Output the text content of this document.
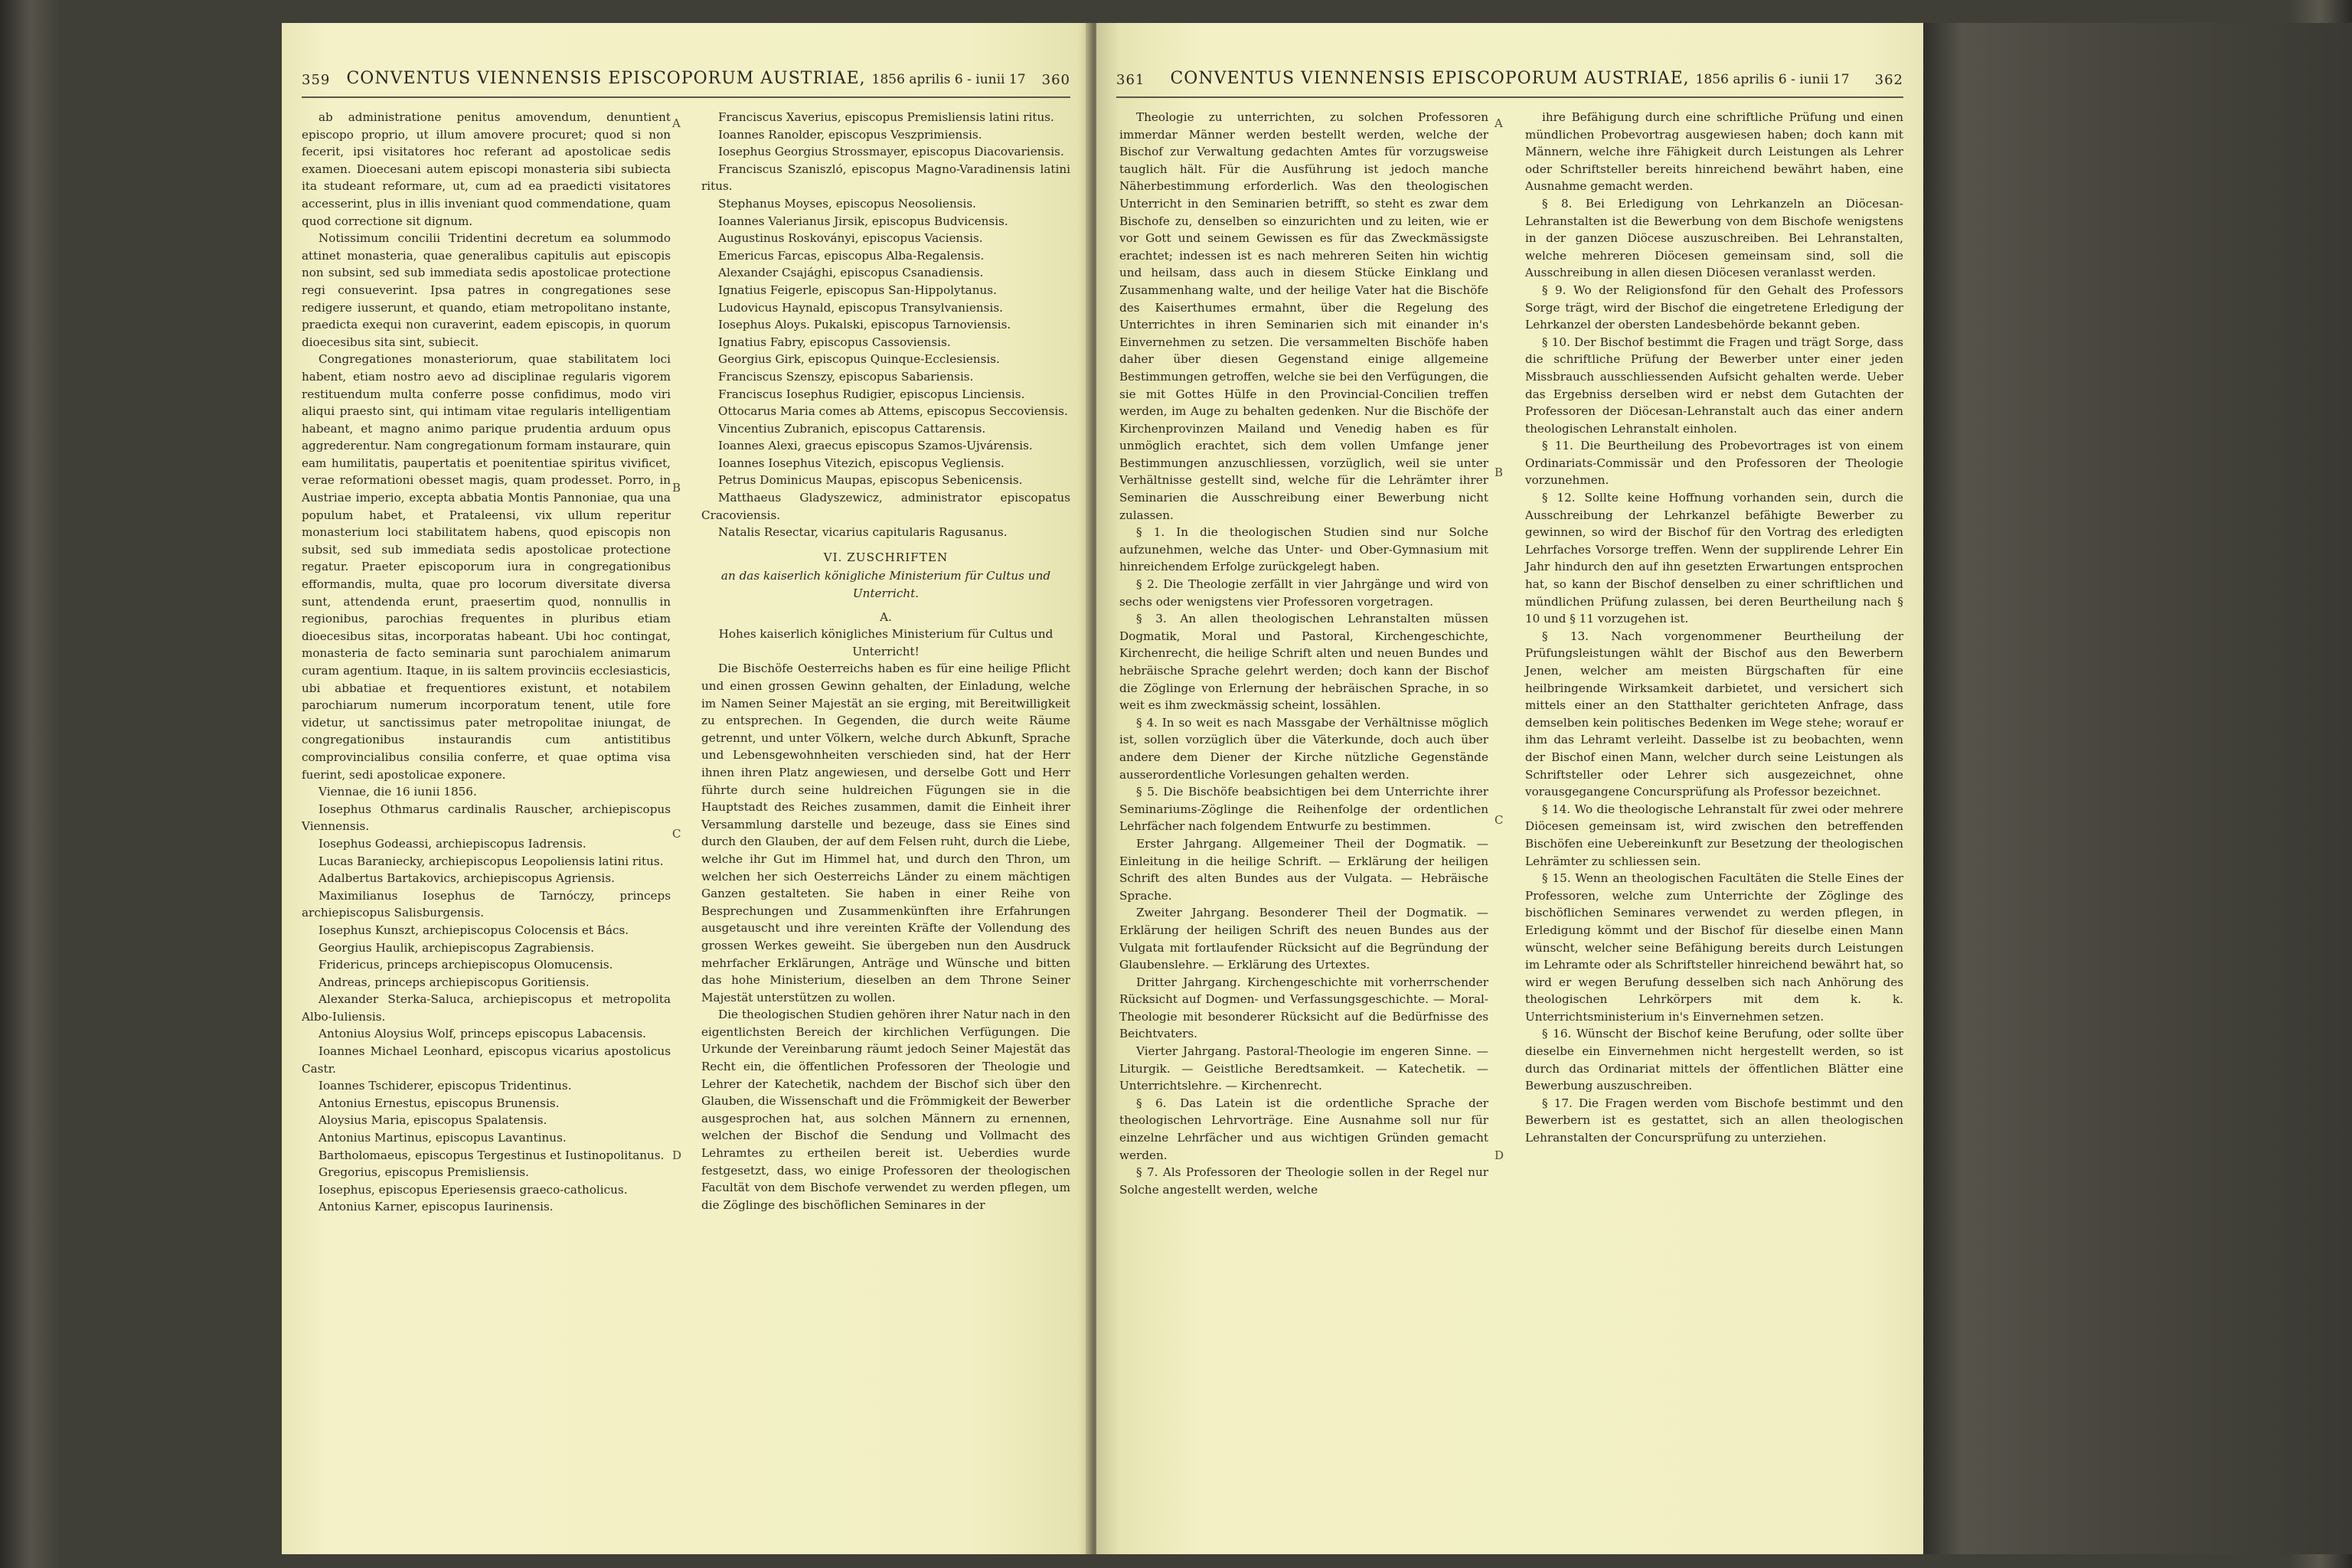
359 CONVENTUS VIENNENSIS EPISCOPORUM AUSTRIAE, 1856 aprilis 6 - iunii 17	360

ab administratione penitus amovendum, denuntient episcopo proprio, ut illum amovere procuret; quod si non fecerit, ipsi visitatores hoc referant ad apostolicae sedis examen. Dioecesani autem episcopi monasteria sibi subiecta ita studeant reformare, ut, cum ad ea praedicti visitatores accesserint, plus in illis inveniant quod commendatione, quam quod correctione sit dignum.

Notissimum concilii Tridentini decretum ea solummodo attinet monasteria, quae generalibus capitulis aut episcopis non subsint, sed sub immediata sedis apostolicae protectione regi consueverint. Ipsa patres in congregationes sese redigere iusserunt, et quando, etiam metropolitano instante, praedicta exequi non curaverint, eadem episcopis, in quorum dioecesibus sita sint, subiecit.

Congregationes monasteriorum, quae stabilitatem loci habent, etiam nostro aevo ad disciplinae regularis vigorem restituendum multa conferre posse confidimus, modo viri aliqui praesto sint, qui intimam vitae regularis intelligentiam habeant, et magno animo parique prudentia arduum opus aggrederentur. Nam congregationum formam instaurare, quin eam humilitatis, paupertatis et poenitentiae spiritus vivificet, verae reformationi obesset magis, quam prodesset. Porro, in Austriae imperio, excepta abbatia Montis Pannoniae, qua una populum habet, et Prataleensi, vix ullum reperitur monasterium loci stabilitatem habens, quod episcopis non subsit, sed sub immediata sedis apostolicae protectione regatur. Praeter episcoporum iura in congregationibus efformandis, multa, quae pro locorum diversitate diversa sunt, attendenda erunt, praesertim quod, nonnullis in regionibus, parochias frequentes in pluribus etiam dioecesibus sitas, incorporatas habeant. Ubi hoc contingat, monasteria de facto seminaria sunt parochialem animarum curam agentium. Itaque, in iis saltem provinciis ecclesiasticis, ubi abbatiae et frequentiores existunt, et notabilem parochiarum numerum incorporatum tenent, utile fore videtur, ut sanctissimus pater metropolitae iniungat, de congregationibus instaurandis cum antistitibus comprovincialibus consilia conferre, et quae optima visa fuerint, sedi apostolicae exponere.

Viennae, die 16 iunii 1856.

Iosephus Othmarus cardinalis Rauscher, archiepiscopus Viennensis.

Iosephus Godeassi, archiepiscopus Iadrensis.

Lucas Baraniecky, archiepiscopus Leopoliensis latini ritus.

Adalbertus Bartakovics, archiepiscopus Agriensis.

Maximilianus Iosephus de Tarnóczy, princeps archiepiscopus Salisburgensis.

Iosephus Kunszt, archiepiscopus Colocensis et Bács.

Georgius Haulik, archiepiscopus Zagrabiensis.

Fridericus, princeps archiepiscopus Olomucensis.

Andreas, princeps archiepiscopus Goritiensis.

Alexander Sterka-Saluca, archiepiscopus et metropolita Albo-Iuliensis.

Antonius Aloysius Wolf, princeps episcopus Labacensis.

Ioannes Michael Leonhard, episcopus vicarius apostolicus Castr.

Ioannes Tschiderer, episcopus Tridentinus.

Antonius Ernestus, episcopus Brunensis.

Aloysius Maria, episcopus Spalatensis.

Antonius Martinus, episcopus Lavantinus.

Bartholomaeus, episcopus Tergestinus et Iustinopolitanus.

Gregorius, episcopus Premisliensis.

Iosephus, episcopus Eperiesensis graeco-catholicus.

Antonius Karner, episcopus Iaurinensis.

A
B
C
D

Franciscus Xaverius, episcopus Premisliensis latini ritus.

Ioannes Ranolder, episcopus Veszprimiensis.

Iosephus Georgius Strossmayer, episcopus Diacovariensis.

Franciscus Szaniszló, episcopus Magno-Varadinensis latini ritus.

Stephanus Moyses, episcopus Neosoliensis.

Ioannes Valerianus Jirsik, episcopus Budvicensis.

Augustinus Roskoványi, episcopus Vaciensis.

Emericus Farcas, episcopus Alba-Regalensis.

Alexander Csajághi, episcopus Csanadiensis.

Ignatius Feigerle, episcopus San-Hippolytanus.

Ludovicus Haynald, episcopus Transylvaniensis.

Iosephus Aloys. Pukalski, episcopus Tarnoviensis.

Ignatius Fabry, episcopus Cassoviensis.

Georgius Girk, episcopus Quinque-Ecclesiensis.

Franciscus Szenszy, episcopus Sabariensis.

Franciscus Iosephus Rudigier, episcopus Linciensis.

Ottocarus Maria comes ab Attems, episcopus Seccoviensis.

Vincentius Zubranich, episcopus Cattarensis.

Ioannes Alexi, graecus episcopus Szamos-Ujvárensis.

Ioannes Iosephus Vitezich, episcopus Vegliensis.

Petrus Dominicus Maupas, episcopus Sebenicensis.

Matthaeus Gladyszewicz, administrator episcopatus Cracoviensis.

Natalis Resectar, vicarius capitularis Ragusanus.

VI. ZUSCHRIFTEN

an das kaiserlich königliche Ministerium für Cultus und Unterricht.

A.

Hohes kaiserlich königliches Ministerium für Cultus und Unterricht!

Die Bischöfe Oesterreichs haben es für eine heilige Pflicht und einen grossen Gewinn gehalten, der Einladung, welche im Namen Seiner Majestät an sie erging, mit Bereitwilligkeit zu entsprechen. In Gegenden, die durch weite Räume getrennt, und unter Völkern, welche durch Abkunft, Sprache und Lebensgewohnheiten verschieden sind, hat der Herr ihnen ihren Platz angewiesen, und derselbe Gott und Herr führte durch seine huldreichen Fügungen sie in die Hauptstadt des Reiches zusammen, damit die Einheit ihrer Versammlung darstelle und bezeuge, dass sie Eines sind durch den Glauben, der auf dem Felsen ruht, durch die Liebe, welche ihr Gut im Himmel hat, und durch den Thron, um welchen her sich Oesterreichs Länder zu einem mächtigen Ganzen gestalteten. Sie haben in einer Reihe von Besprechungen und Zusammenkünften ihre Erfahrungen ausgetauscht und ihre vereinten Kräfte der Vollendung des grossen Werkes geweiht. Sie übergeben nun den Ausdruck mehrfacher Erklärungen, Anträge und Wünsche und bitten das hohe Ministerium, dieselben an dem Throne Seiner Majestät unterstützen zu wollen.

Die theologischen Studien gehören ihrer Natur nach in den eigentlichsten Bereich der kirchlichen Verfügungen. Die Urkunde der Vereinbarung räumt jedoch Seiner Majestät das Recht ein, die öffentlichen Professoren der Theologie und Lehrer der Katechetik, nachdem der Bischof sich über den Glauben, die Wissenschaft und die Frömmigkeit der Bewerber ausgesprochen hat, aus solchen Männern zu ernennen, welchen der Bischof die Sendung und Vollmacht des Lehramtes zu ertheilen bereit ist. Ueberdies wurde festgesetzt, dass, wo einige Professoren der theologischen Facultät von dem Bischofe verwendet zu werden pflegen, um die Zöglinge des bischöflichen Seminares in der

361	CONVENTUS VIENNENSIS EPISCOPORUM AUSTRIAE, 1856 aprilis 6 - iunii 17	362

Theologie zu unterrichten, zu solchen Professoren immerdar Männer werden bestellt werden, welche der Bischof zur Verwaltung gedachten Amtes für vorzugsweise tauglich hält. Für die Ausführung ist jedoch manche Näherbestimmung erforderlich. Was den theologischen Unterricht in den Seminarien betrifft, so steht es zwar dem Bischofe zu, denselben so einzurichten und zu leiten, wie er vor Gott und seinem Gewissen es für das Zweckmässigste erachtet; indessen ist es nach mehreren Seiten hin wichtig und heilsam, dass auch in diesem Stücke Einklang und Zusammenhang walte, und der heilige Vater hat die Bischöfe des Kaiserthumes ermahnt, über die Regelung des Unterrichtes in ihren Seminarien sich mit einander in's Einvernehmen zu setzen. Die versammelten Bischöfe haben daher über diesen Gegenstand einige allgemeine Bestimmungen getroffen, welche sie bei den Verfügungen, die sie mit Gottes Hülfe in den Provincial-Concilien treffen werden, im Auge zu behalten gedenken. Nur die Bischöfe der Kirchenprovinzen Mailand und Venedig haben es für unmöglich erachtet, sich dem vollen Umfange jener Bestimmungen anzuschliessen, vorzüglich, weil sie unter Verhältnisse gestellt sind, welche für die Lehrämter ihrer Seminarien die Ausschreibung einer Bewerbung nicht zulassen.

§ 1. In die theologischen Studien sind nur Solche aufzunehmen, welche das Unter- und Ober-Gymnasium mit hinreichendem Erfolge zurückgelegt haben.

§ 2. Die Theologie zerfällt in vier Jahrgänge und wird von sechs oder wenigstens vier Professoren vorgetragen.

§ 3. An allen theologischen Lehranstalten müssen Dogmatik, Moral und Pastoral, Kirchengeschichte, Kirchenrecht, die heilige Schrift alten und neuen Bundes und hebräische Sprache gelehrt werden; doch kann der Bischof die Zöglinge von Erlernung der hebräischen Sprache, in so weit es ihm zweckmässig scheint, lossählen.

§ 4. In so weit es nach Massgabe der Verhältnisse möglich ist, sollen vorzüglich über die Väterkunde, doch auch über andere dem Diener der Kirche nützliche Gegenstände ausserordentliche Vorlesungen gehalten werden.

§ 5. Die Bischöfe beabsichtigen bei dem Unterrichte ihrer Seminariums-Zöglinge die Reihenfolge der ordentlichen Lehrfächer nach folgendem Entwurfe zu bestimmen.

Erster Jahrgang. Allgemeiner Theil der Dogmatik. — Einleitung in die heilige Schrift. — Erklärung der heiligen Schrift des alten Bundes aus der Vulgata. — Hebräische Sprache.

Zweiter Jahrgang. Besonderer Theil der Dogmatik. — Erklärung der heiligen Schrift des neuen Bundes aus der Vulgata mit fortlaufender Rücksicht auf die Begründung der Glaubenslehre. — Erklärung des Urtextes.

Dritter Jahrgang. Kirchengeschichte mit vorherrschender Rücksicht auf Dogmen- und Verfassungsgeschichte. — Moral-Theologie mit besonderer Rücksicht auf die Bedürfnisse des Beichtvaters.

Vierter Jahrgang. Pastoral-Theologie im engeren Sinne. — Liturgik. — Geistliche Beredtsamkeit. — Katechetik. — Unterrichtslehre. — Kirchenrecht.

§ 6. Das Latein ist die ordentliche Sprache der theologischen Lehrvorträge. Eine Ausnahme soll nur für einzelne Lehrfächer und aus wichtigen Gründen gemacht werden.

§ 7. Als Professoren der Theologie sollen in der Regel nur Solche angestellt werden, welche

A
B
C
D

ihre Befähigung durch eine schriftliche Prüfung und einen mündlichen Probevortrag ausgewiesen haben; doch kann mit Männern, welche ihre Fähigkeit durch Leistungen als Lehrer oder Schriftsteller bereits hinreichend bewährt haben, eine Ausnahme gemacht werden.

§ 8. Bei Erledigung von Lehrkanzeln an Diöcesan-Lehranstalten ist die Bewerbung von dem Bischofe wenigstens in der ganzen Diöcese auszuschreiben. Bei Lehranstalten, welche mehreren Diöcesen gemeinsam sind, soll die Ausschreibung in allen diesen Diöcesen veranlasst werden.

§ 9. Wo der Religionsfond für den Gehalt des Professors Sorge trägt, wird der Bischof die eingetretene Erledigung der Lehrkanzel der obersten Landesbehörde bekannt geben.

§ 10. Der Bischof bestimmt die Fragen und trägt Sorge, dass die schriftliche Prüfung der Bewerber unter einer jeden Missbrauch ausschliessenden Aufsicht gehalten werde. Ueber das Ergebniss derselben wird er nebst dem Gutachten der Professoren der Diöcesan-Lehranstalt auch das einer andern theologischen Lehranstalt einholen.

§ 11. Die Beurtheilung des Probevortrages ist von einem Ordinariats-Commissär und den Professoren der Theologie vorzunehmen.

§ 12. Sollte keine Hoffnung vorhanden sein, durch die Ausschreibung der Lehrkanzel befähigte Bewerber zu gewinnen, so wird der Bischof für den Vortrag des erledigten Lehrfaches Vorsorge treffen. Wenn der supplirende Lehrer Ein Jahr hindurch den auf ihn gesetzten Erwartungen entsprochen hat, so kann der Bischof denselben zu einer schriftlichen und mündlichen Prüfung zulassen, bei deren Beurtheilung nach § 10 und § 11 vorzugehen ist.

§ 13. Nach vorgenommener Beurtheilung der Prüfungsleistungen wählt der Bischof aus den Bewerbern Jenen, welcher am meisten Bürgschaften für eine heilbringende Wirksamkeit darbietet, und versichert sich mittels einer an den Statthalter gerichteten Anfrage, dass demselben kein politisches Bedenken im Wege stehe; worauf er ihm das Lehramt verleiht. Dasselbe ist zu beobachten, wenn der Bischof einen Mann, welcher durch seine Leistungen als Schriftsteller oder Lehrer sich ausgezeichnet, ohne vorausgegangene Concursprüfung als Professor bezeichnet.

§ 14. Wo die theologische Lehranstalt für zwei oder mehrere Diöcesen gemeinsam ist, wird zwischen den betreffenden Bischöfen eine Uebereinkunft zur Besetzung der theologischen Lehrämter zu schliessen sein.

§ 15. Wenn an theologischen Facultäten die Stelle Eines der Professoren, welche zum Unterrichte der Zöglinge des bischöflichen Seminares verwendet zu werden pflegen, in Erledigung kömmt und der Bischof für dieselbe einen Mann wünscht, welcher seine Befähigung bereits durch Leistungen im Lehramte oder als Schriftsteller hinreichend bewährt hat, so wird er wegen Berufung desselben sich nach Anhörung des theologischen Lehrkörpers mit dem k. k. Unterrichtsministerium in's Einvernehmen setzen.

§ 16. Wünscht der Bischof keine Berufung, oder sollte über dieselbe ein Einvernehmen nicht hergestellt werden, so ist durch das Ordinariat mittels der öffentlichen Blätter eine Bewerbung auszuschreiben.

§ 17. Die Fragen werden vom Bischofe bestimmt und den Bewerbern ist es gestattet, sich an allen theologischen Lehranstalten der Concursprüfung zu unterziehen.
